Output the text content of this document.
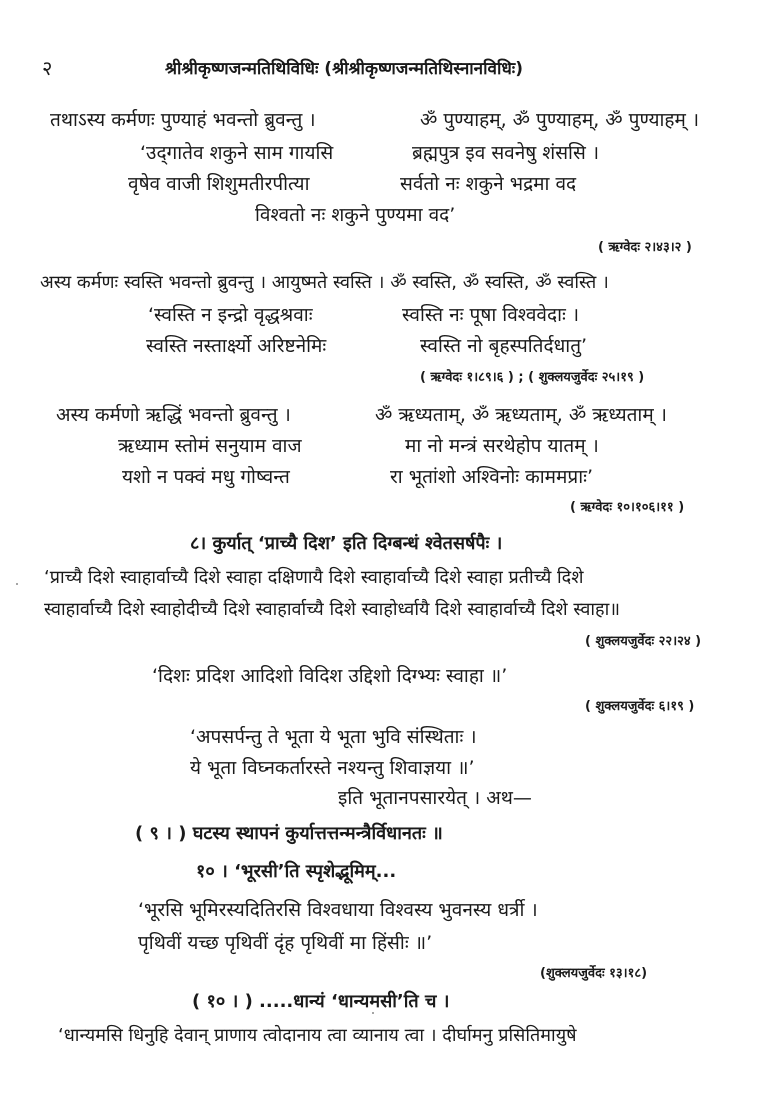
२	श्रीश्रीकृष्णजन्मतिथिविधिः (श्रीश्रीकृष्णजन्मतिथिस्नानविधिः)
तथाऽस्य कर्मणः पुण्याहं भवन्तो ब्रुवन्तु ।	ॐ पुण्याहम्, ॐ पुण्याहम्, ॐ पुण्याहम् ।
‘उद्‌गातेव शकुने साम गायसि	ब्रह्मपुत्र इव सवनेषु शंससि ।
वृषेव वाजी शिशुमतीरपीत्या	सर्वतो नः शकुने भद्रमा वद
विश्वतो नः शकुने पुण्यमा वद’
( ऋग्वेदः २।४३।२ )
अस्य कर्मणः स्वस्ति भवन्तो ब्रुवन्तु । आयुष्मते स्वस्ति । ॐ स्वस्ति, ॐ स्वस्ति, ॐ स्वस्ति ।
‘स्वस्ति न इन्द्रो वृद्धश्रवाः	स्वस्ति नः पूषा विश्ववेदाः ।
स्वस्ति नस्तार्क्ष्यो अरिष्टनेमिः	स्वस्ति नो बृहस्पतिर्दधातु’
( ऋग्वेदः १।८९।६ ) ; ( शुक्लयजुर्वेदः २५।१९ )
अस्य कर्मणो ऋद्धिं भवन्तो ब्रुवन्तु ।	ॐ ऋध्यताम्, ॐ ऋध्यताम्, ॐ ऋध्यताम् ।
ऋध्याम स्तोमं सनुयाम वाज	मा नो मन्त्रं सरथेहोप यातम् ।
यशो न पक्वं मधु गोष्वन्त	रा भूतांशो अश्विनोः काममप्राः’
( ऋग्वेदः १०।१०६।११ )
८। कुर्यात् ‘प्राच्यै दिश’ इति दिग्बन्धं श्वेतसर्षपैः ।
‘प्राच्यै दिशे स्वाहार्वाच्यै दिशे स्वाहा दक्षिणायै दिशे स्वाहार्वाच्यै दिशे स्वाहा प्रतीच्यै दिशे
स्वाहार्वाच्यै दिशे स्वाहोदीच्यै दिशे स्वाहार्वाच्यै दिशे स्वाहोर्ध्वायै दिशे स्वाहार्वाच्यै दिशे स्वाहा॥
( शुक्लयजुर्वेदः २२।२४ )
‘दिशः प्रदिश आदिशो विदिश उद्दिशो दिग्भ्यः स्वाहा ॥’
( शुक्लयजुर्वेदः ६।१९ )
‘अपसर्पन्तु ते भूता ये भूता भुवि संस्थिताः ।
ये भूता विघ्नकर्तारस्ते नश्यन्तु शिवाज्ञया ॥’
इति भूतानपसारयेत् । अथ—
( ९ । ) घटस्य स्थापनं कुर्यात्तत्तन्मन्त्रैर्विधानतः ॥
१० । ‘भूरसी’ति स्पृशेद्भूमिम्...
‘भूरसि भूमिरस्यदितिरसि विश्वधाया विश्वस्य भुवनस्य धर्त्री ।
पृथिवीं यच्छ पृथिवीं दृंह पृथिवीं मा हिंसीः ॥’
(शुक्लयजुर्वेदः १३।१८)
( १० । ) .....धान्यं ‘धान्यमसी’ति च ।
‘धान्यमसि धिनुहि देवान् प्राणाय त्वोदानाय त्वा व्यानाय त्वा । दीर्घामनु प्रसितिमायुषे
